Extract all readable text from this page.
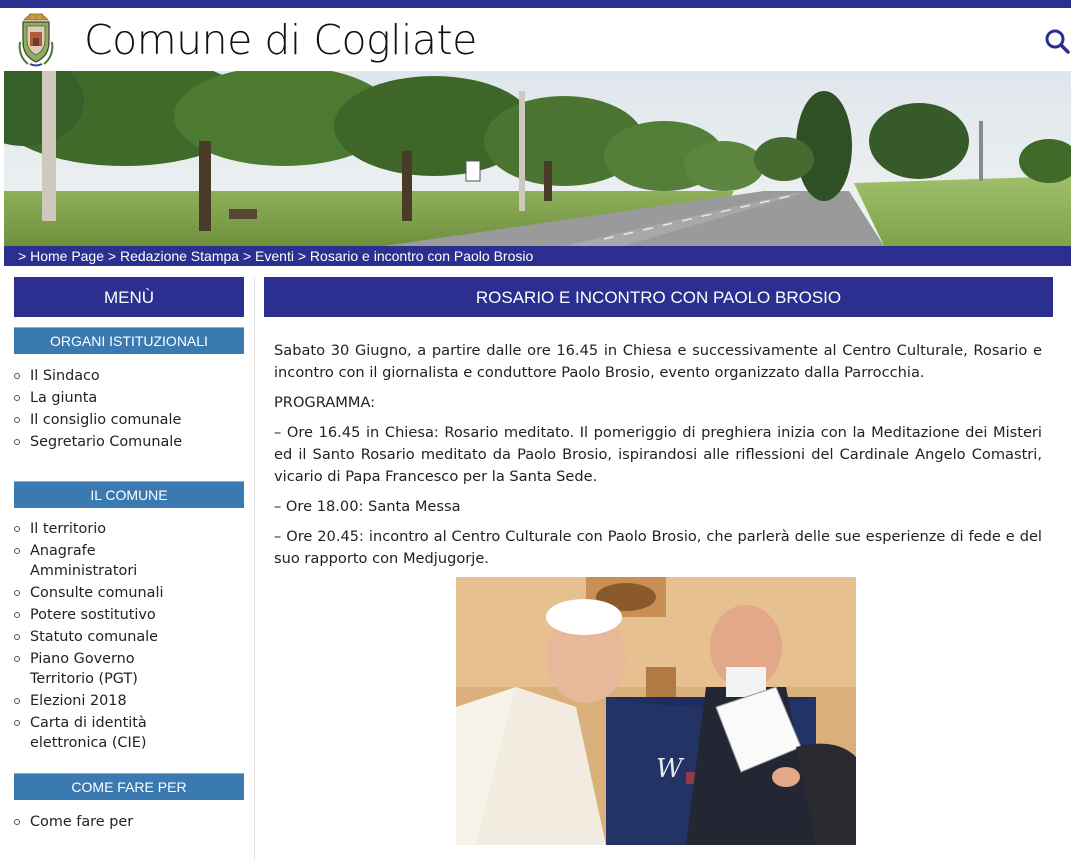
Comune di Cogliate
> Home Page > Redazione Stampa > Eventi > Rosario e incontro con Paolo Brosio
MENÙ
ORGANI ISTITUZIONALI
Il Sindaco
La giunta
Il consiglio comunale
Segretario Comunale
IL COMUNE
Il territorio
Anagrafe Amministratori
Consulte comunali
Potere sostitutivo
Statuto comunale
Piano Governo Territorio (PGT)
Elezioni 2018
Carta di identità elettronica (CIE)
COME FARE PER
Come fare per
ROSARIO E INCONTRO CON PAOLO BROSIO

Sabato 30 Giugno, a partire dalle ore 16.45 in Chiesa e successivamente al Centro Culturale, Rosario e incontro con il giornalista e conduttore Paolo Brosio, evento organizzato dalla Parrocchia.

PROGRAMMA:

– Ore 16.45 in Chiesa: Rosario meditato. Il pomeriggio di preghiera inizia con la Meditazione dei Misteri ed il Santo Rosario meditato da Paolo Brosio, ispirandosi alle riflessioni del Cardinale Angelo Comastri, vicario di Papa Francesco per la Santa Sede.

– Ore 18.00: Santa Messa

– Ore 20.45: incontro al Centro Culturale con Paolo Brosio, che parlerà delle sue esperienze di fede e del suo rapporto con Medjugorje.

W
